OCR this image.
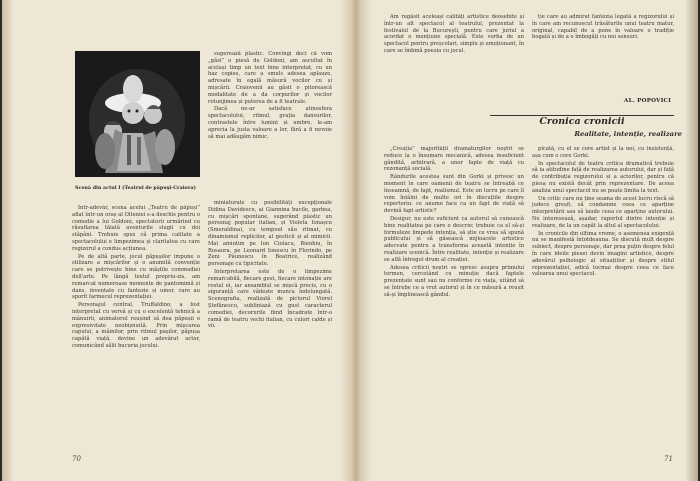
Scenă din actul I (Teatrul de păpuşi-Craiova)

sugerează plastic. Convingi deci că vom „găsi” o piesă de Goldoni, am ascultat în același timp un text bine interpretat, cu un haz copios, care a smuls adesea aplauze, adresate în egală măsură vocilor cu și mișcării. Craiovenii au găsit o pitorească modalitate de a da corpurilor și vocilor rotunjimea și puterea de a fi teatrale.

Dacă ne-ar satisface atmosfera spectacolului, ritmul, grația dansurilor, contrastele între lumini și umbre, le-am aprecia la justa valoare a lor, fără a fi nevoie să mai adăugăm nimic.

Intr-adevăr, scena acelui „Teatru de păpuși” aflat într-un oraș al Olteniei s-a deschis pentru o comedie a lui Goldoni, spectatorii urmărind cu răsuflarea tăiată aventurile slugii cu doi stăpâni. Trebuie spus că prima calitate a spectacolului e limpezimea și claritatea cu care regizorul a condus acțiunea.

Pe de altă parte, jocul păpușilor impune o stilizare a mișcărilor și o anumită convenție care se potrivește bine cu măștile commediei dell'arte. Pe lângă textul propriu-zis, am remarcat numeroase momente de pantomimă și dans, inventate cu fantezie și umor, care au sporit farmecul reprezentației.

Personajul central, Truffaldino, a fost interpretat cu vervă și cu o excelentă tehnică a mânuirii, animatorul reușind să dea păpușii o expresivitate neobișnuită. Prin mișcarea capului, a mâinilor, prin ritmul pașilor, păpușa capătă viață, devine un adevărat actor, comunicând sălii bucuria jocului.

miniaturale cu posibilități excepționale Didina Davidescu, ai Giannina bucile, garbea, cu mișcări spontane, sugerând plastic un personaj popular italian, și Violeta Ionașcu (Smeraldina), cu tempoul său ritmat, cu dinamismul replicilor, al gesticii și al mimicii. Mai amintim pe Ion Ciolacu, Bienhiu, în Rosaura, pe Leonard Ionescu în Florindo, pe Zeni Păunescu în Beatrice, realizând personaje cu tipicitate.

Interpretarea este de o limpezime remarcabilă, fiecare gest, fiecare intonație are rostul ei, iar ansamblul se mișcă precis, cu o siguranță care vădește munca îndelungată. Scenografia, realizată de pictorul Viorel Ștefănescu, subliniază cu gust caracterul comediei, decorurile fiind încadrate într-o ramă de teatru vechi italian, cu culori calde și vii.

70

Am regăsit aceleași calități artistice deosebite și într-un alt spectacol al teatrului, prezentat la festivalul de la București, pentru care juriul a acordat o mențiune specială. Este vorba de un spectacol pentru preșcolari, simplu și emoționant, în care se îmbină poezia cu jocul.

ție care au admirat fantezia legată a regizorului și în care am recunoscut trăsăturile unui teatru matur, original, capabil de a pune în valoare o tradiție bogată și de a o îmbogăți cu noi sensuri.

AL. POPOVICI
Cronica cronicii
Realitate, intenție, realizare

„Creația” majorității dramaturgilor noștri se reduce la o însumare mecanică, adesea insuficient gândită, arbitrară, a unor fapte de viață cu rezonanță socială.

Rândurile acestea sunt din Gorki și privesc un moment în care oamenii de teatru se întreabă ce înseamnă, de fapt, realismul. Este un lucru pe care îl vom întâlni de multe ori în discuțiile despre repertoriu: ce anume face ca un fapt de viață să devină fapt artistic?

Desigur, nu este suficient ca autorul să cunoască bine realitatea pe care o descrie; trebuie ca el să-și formuleze limpede intenția, să știe ce vrea să spună publicului și să găsească mijloacele artistice adecvate pentru a transforma această intenție în realizare scenică. Între realitate, intenție și realizare se află întregul drum al creației.

Adesea criticii noștri se opresc asupra primului termen, cercetând cu minuție dacă faptele prezentate sunt sau nu conforme cu viața, uitând să se întrebe ce a vrut autorul și în ce măsură a reușit să-și împlinească gândul.

picată, cu el se cere artist și la noi, cu insistență, așa cum o cere Gorki.

In spectacolul de teatru critica dramatică trebuie să ia atitudine față de realizarea autorului, dar și față de contribuția regizorului și a actorilor, pentru că piesa nu există decât prin reprezentare. De aceea analiza unui spectacol nu se poate limita la text.

Un critic care nu ține seama de acest lucru riscă să judece greșit, să condamne ceea ce aparține interpretării sau să laude ceea ce aparține autorului. Ne interesează, așadar, raportul dintre intenție și realizare, de la un capăt la altul al spectacolului.

In cronicile din ultima vreme, o asemenea exigență nu se manifestă întotdeauna. Se discută mult despre subiect, despre personaje, dar prea puțin despre felul în care ideile piesei devin imagini artistice, despre adevărul psihologic al situațiilor și despre stilul reprezentației, adică tocmai despre ceea ce face valoarea unui spectacol.

71
